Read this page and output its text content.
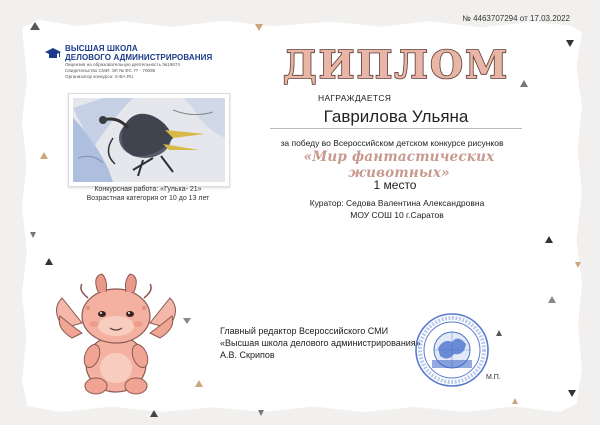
№ 4463707294 от 17.03.2022
ВЫСШАЯ ШКОЛА
ДЕЛОВОГО АДМИНИСТРИРОВАНИЯ
Лицензия на образовательную деятельность №19674
Свидетельство СМИ: ЭЛ № ФС 77 - 70095
Организатор конкурса: S-BA.RU	ДИПЛОМ
НАГРАЖДАЕТСЯ
Гаврилова Ульяна
за победу во Всероссийском детском конкурсе рисунков
«Мир фантастических животных»
1 место
Куратор: Седова Валентина Александровна
МОУ СОШ 10 г.Саратов
Конкурсная работа: «Гулька- 21»
Возрастная категория от 10 до 13 лет
Главный редактор Всероссийского СМИ
«Высшая школа делового администрирования»
А.В. Скрипов
М.П.
